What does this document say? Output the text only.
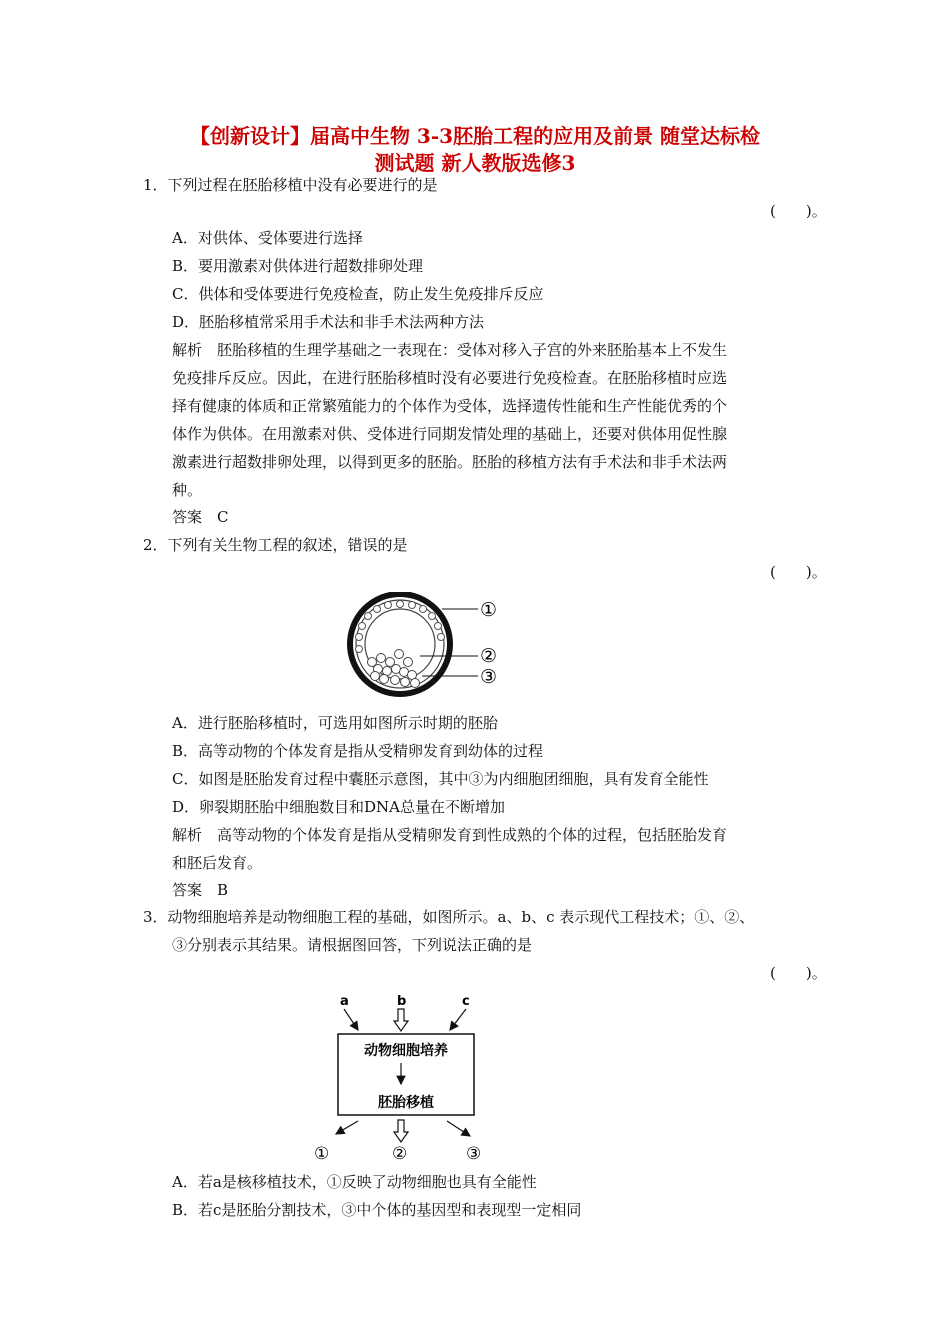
【创新设计】届高中生物 3-3胚胎工程的应用及前景 随堂达标检
测试题 新人教版选修3
1．下列过程在胚胎移植中没有必要进行的是
(　　)。
A．对供体、受体要进行选择
B．要用激素对供体进行超数排卵处理
C．供体和受体要进行免疫检查，防止发生免疫排斥反应
D．胚胎移植常采用手术法和非手术法两种方法
解析　胚胎移植的生理学基础之一表现在：受体对移入子宫的外来胚胎基本上不发生
免疫排斥反应。因此，在进行胚胎移植时没有必要进行免疫检查。在胚胎移植时应选
择有健康的体质和正常繁殖能力的个体作为受体，选择遗传性能和生产性能优秀的个
体作为供体。在用激素对供、受体进行同期发情处理的基础上，还要对供体用促性腺
激素进行超数排卵处理，以得到更多的胚胎。胚胎的移植方法有手术法和非手术法两
种。
答案　C
2．下列有关生物工程的叙述，错误的是
(　　)。
①
②
③
A．进行胚胎移植时，可选用如图所示时期的胚胎
B．高等动物的个体发育是指从受精卵发育到幼体的过程
C．如图是胚胎发育过程中囊胚示意图，其中③为内细胞团细胞，具有发育全能性
D．卵裂期胚胎中细胞数目和DNA总量在不断增加
解析　高等动物的个体发育是指从受精卵发育到性成熟的个体的过程，包括胚胎发育
和胚后发育。
答案　B
3．动物细胞培养是动物细胞工程的基础，如图所示。a、b、c 表示现代工程技术；①、②、
③分别表示其结果。请根据图回答，下列说法正确的是
(　　)。
a	b	c
动物细胞培养
胚胎移植
①	②	③
A．若a是核移植技术，①反映了动物细胞也具有全能性
B．若c是胚胎分割技术，③中个体的基因型和表现型一定相同
